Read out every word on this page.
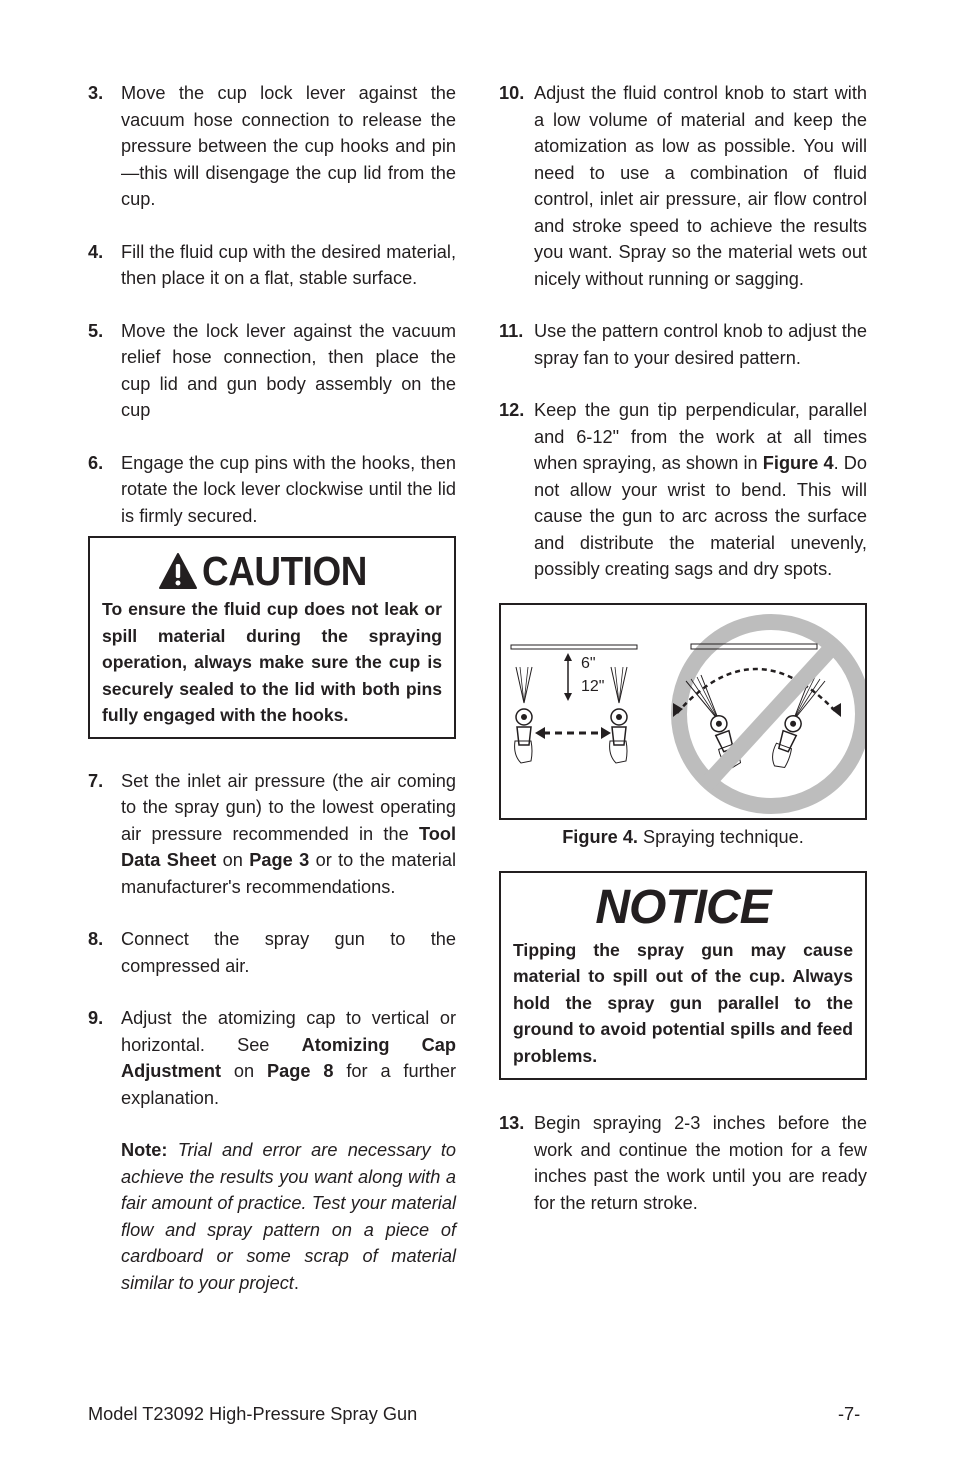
3. Move the cup lock lever against the vacuum hose connection to release the pressure between the cup hooks and pin—this will disengage the cup lid from the cup.
4. Fill the fluid cup with the desired material, then place it on a flat, stable surface.
5. Move the lock lever against the vacuum relief hose connection, then place the cup lid and gun body assembly on the cup
6. Engage the cup pins with the hooks, then rotate the lock lever clockwise until the lid is firmly secured.
CAUTION
To ensure the fluid cup does not leak or spill material during the spraying operation, always make sure the cup is securely sealed to the lid with both pins fully engaged with the hooks.
7. Set the inlet air pressure (the air coming to the spray gun) to the lowest operating air pressure recommended in the Tool Data Sheet on Page 3 or to the material manufacturer's recommendations.
8. Connect the spray gun to the compressed air.
9. Adjust the atomizing cap to vertical or horizontal. See Atomizing Cap Adjustment on Page 8 for a further explanation.
Note: Trial and error are necessary to achieve the results you want along with a fair amount of practice. Test your material flow and spray pattern on a piece of cardboard or some scrap of material similar to your project.
10. Adjust the fluid control knob to start with a low volume of material and keep the atomization as low as possible. You will need to use a combination of fluid control, inlet air pressure, air flow control and stroke speed to achieve the results you want. Spray so the material wets out nicely without running or sagging.
11. Use the pattern control knob to adjust the spray fan to your desired pattern.
12. Keep the gun tip perpendicular, parallel and 6-12" from the work at all times when spraying, as shown in Figure 4. Do not allow your wrist to bend. This will cause the gun to arc across the surface and distribute the material unevenly, possibly creating sags and dry spots.
6"
12"
Figure 4. Spraying technique.
NOTICE
Tipping the spray gun may cause material to spill out of the cup. Always hold the spray gun parallel to the ground to avoid potential spills and feed problems.
13. Begin spraying 2-3 inches before the work and continue the motion for a few inches past the work until you are ready for the return stroke.
Model T23092 High-Pressure Spray Gun	-7-
